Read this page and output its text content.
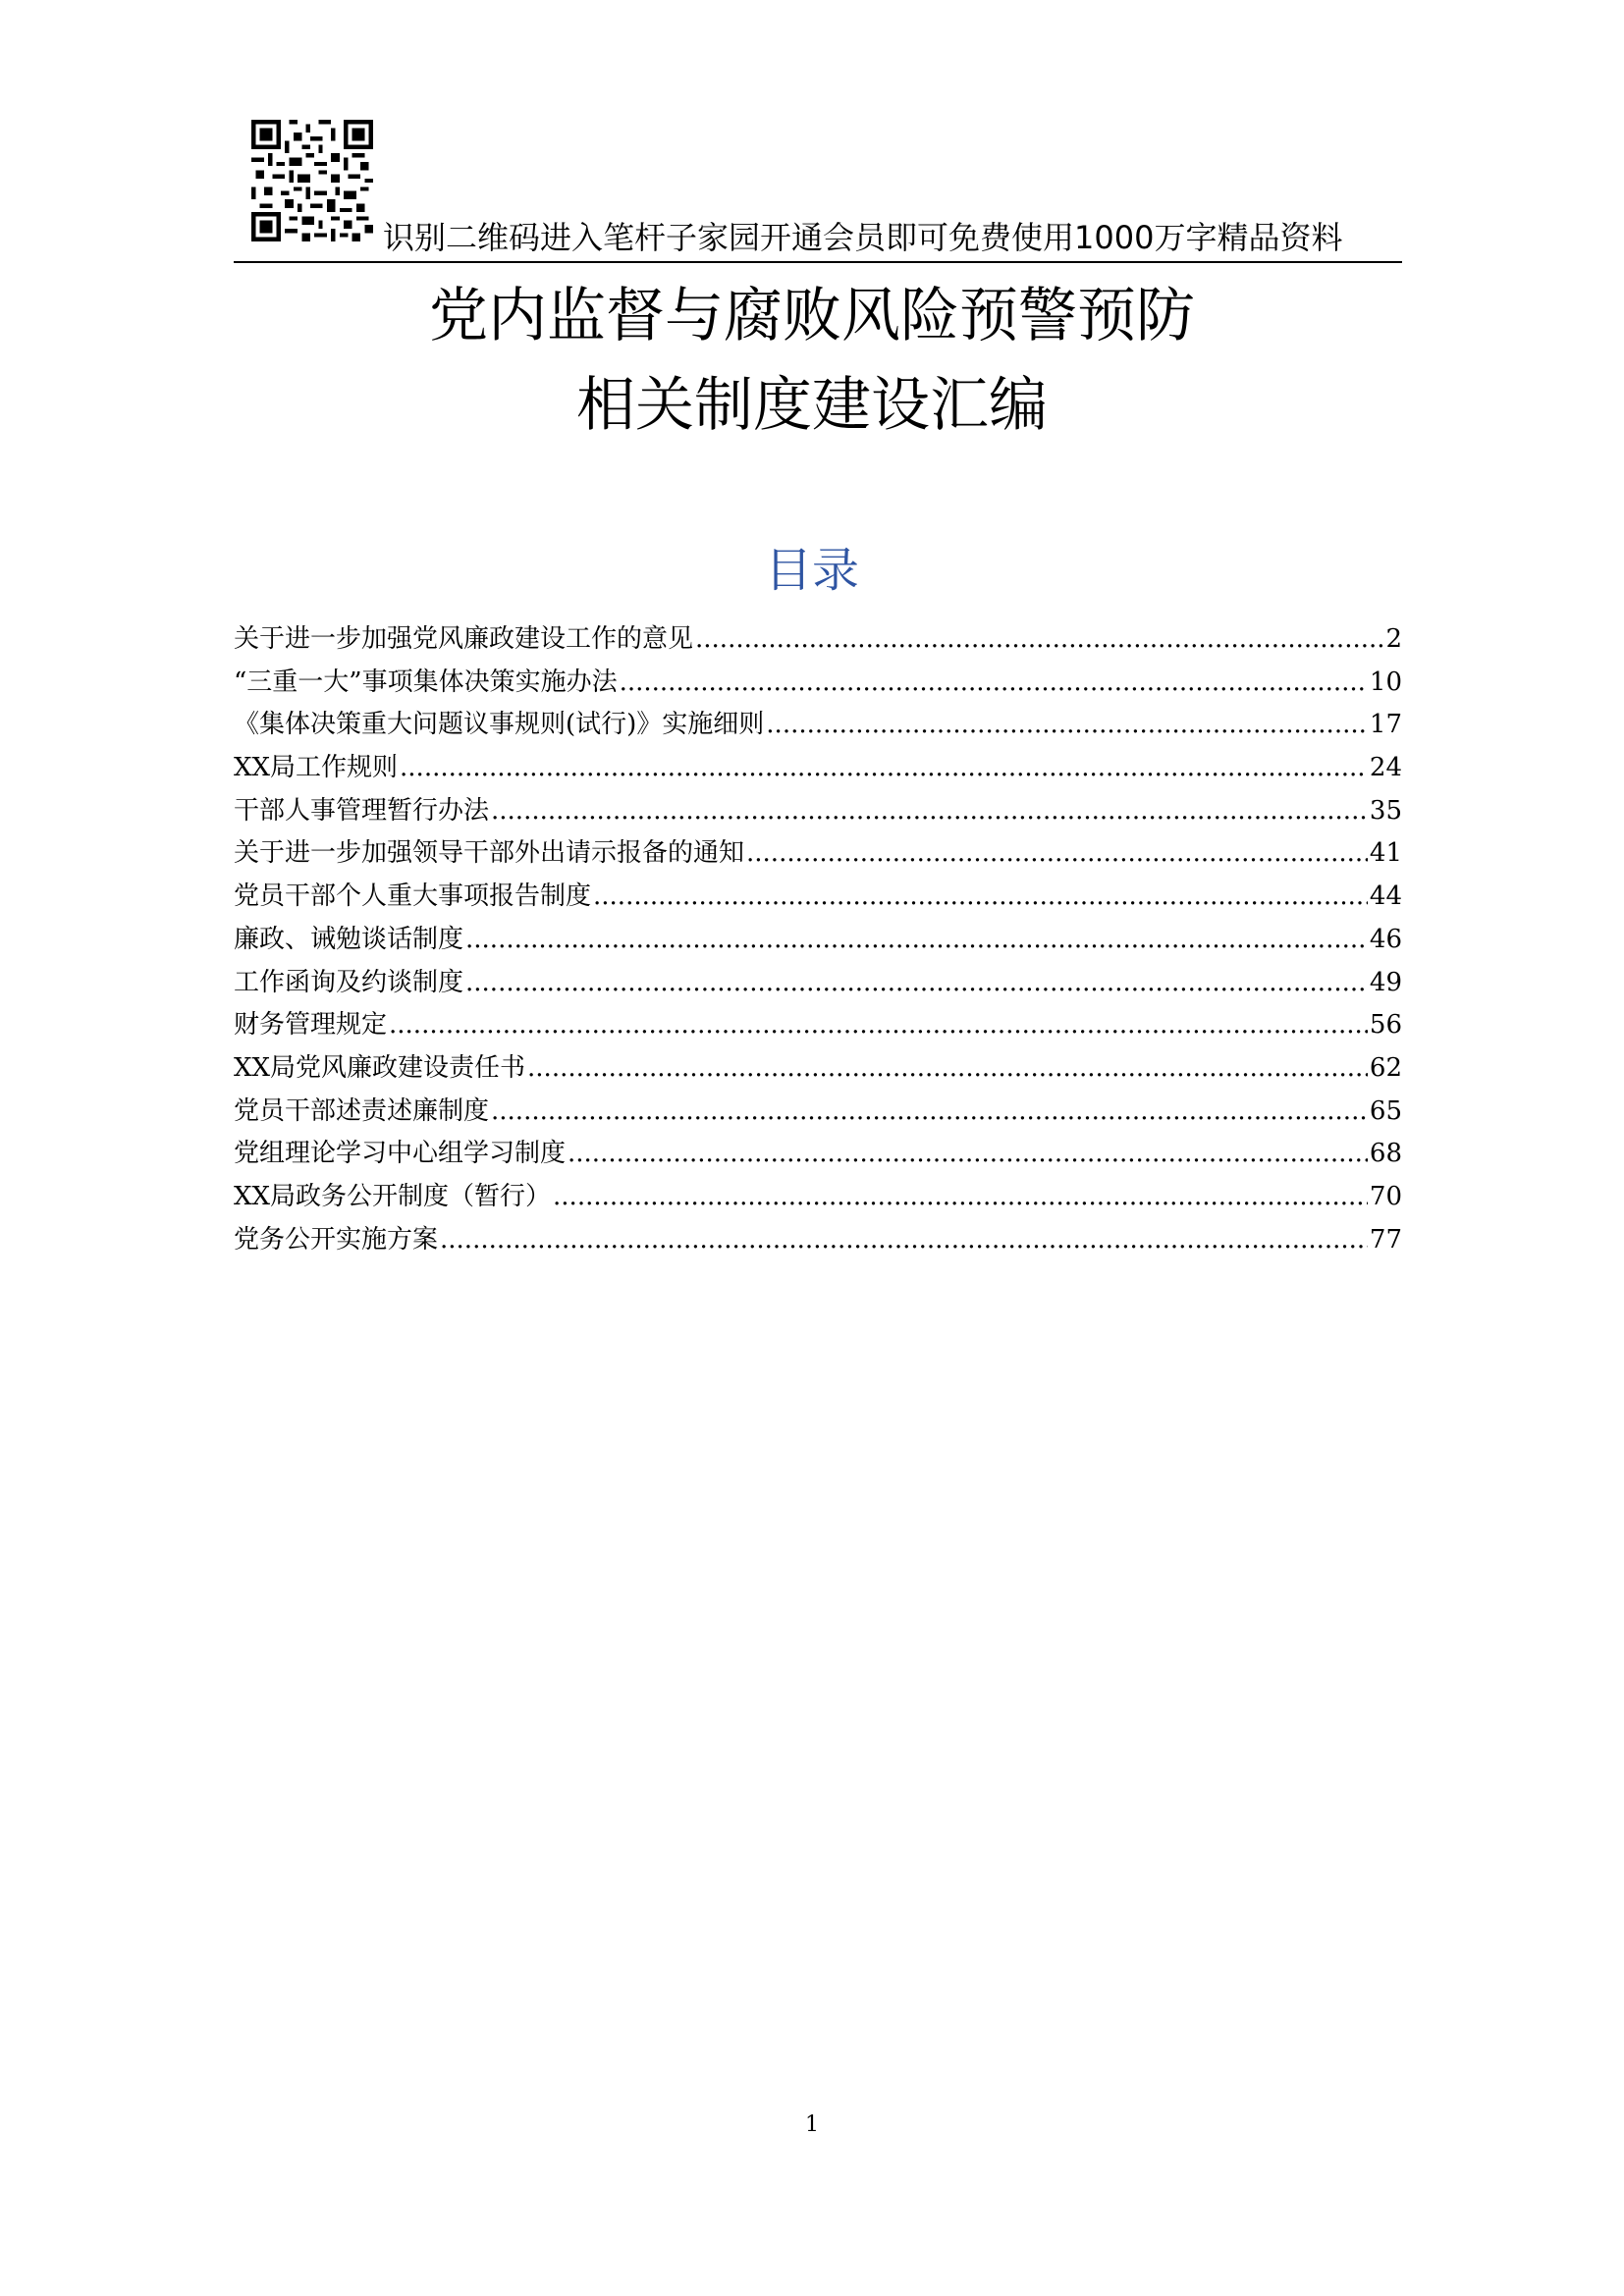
识别二维码进入笔杆子家园开通会员即可免费使用1000万字精品资料
党内监督与腐败风险预警预防
相关制度建设汇编
目录
关于进一步加强党风廉政建设工作的意见 .....	2
“三重一大”事项集体决策实施办法 .....	10
《集体决策重大问题议事规则(试行)》实施细则 .....	17
XX局工作规则 .....	24
干部人事管理暂行办法 .....	35
关于进一步加强领导干部外出请示报备的通知 .....	41
党员干部个人重大事项报告制度 .....	44
廉政、诫勉谈话制度 .....	46
工作函询及约谈制度 .....	49
财务管理规定 .....	56
XX局党风廉政建设责任书 .....	62
党员干部述责述廉制度 .....	65
党组理论学习中心组学习制度 .....	68
XX局政务公开制度（暂行） .....	70
党务公开实施方案 .....	77
1
